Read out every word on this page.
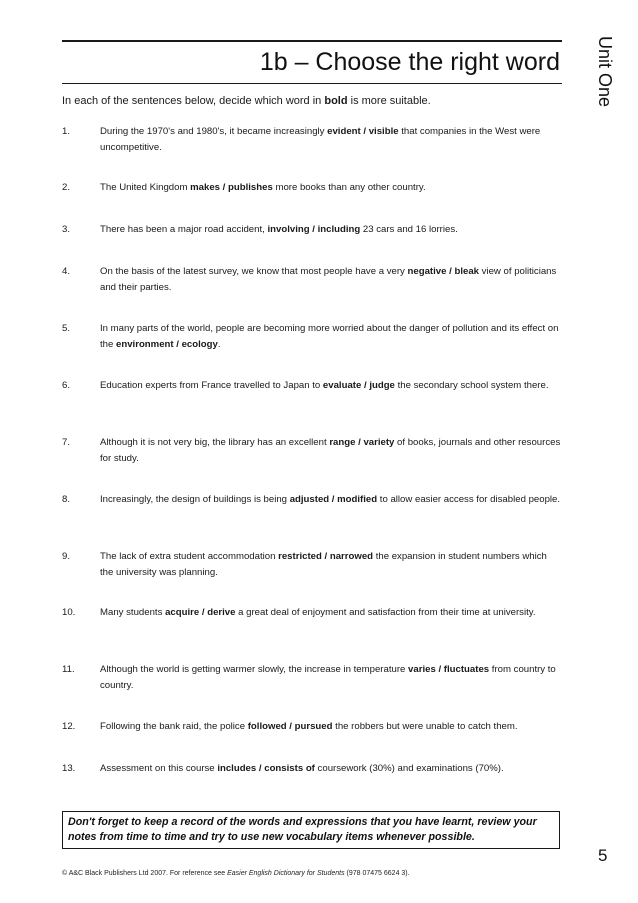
1b – Choose the right word Unit One

In each of the sentences below, decide which word in bold is more suitable.

1.	During the 1970's and 1980's, it became increasingly evident / visible that companies in the West were uncompetitive.
2.	The United Kingdom makes / publishes more books than any other country.
3.	There has been a major road accident, involving / including 23 cars and 16 lorries.
4.	On the basis of the latest survey, we know that most people have a very negative / bleak view of politicians and their parties.
5.	In many parts of the world, people are becoming more worried about the danger of pollution and its effect on the environment / ecology.
6.	Education experts from France travelled to Japan to evaluate / judge the secondary school system there.
7.	Although it is not very big, the library has an excellent range / variety of books, journals and other resources for study.
8.	Increasingly, the design of buildings is being adjusted / modified to allow easier access for disabled people.
9.	The lack of extra student accommodation restricted / narrowed the expansion in student numbers which the university was planning.
10.	Many students acquire / derive a great deal of enjoyment and satisfaction from their time at university.
11.	Although the world is getting warmer slowly, the increase in temperature varies / fluctuates from country to country.
12.	Following the bank raid, the police followed / pursued the robbers but were unable to catch them.
13.	Assessment on this course includes / consists of coursework (30%) and examinations (70%).
Don't forget to keep a record of the words and expressions that you have learnt, review your notes from time to time and try to use new vocabulary items whenever possible.
5
© A&C Black Publishers Ltd 2007. For reference see Easier English Dictionary for Students (978 07475 6624 3).
